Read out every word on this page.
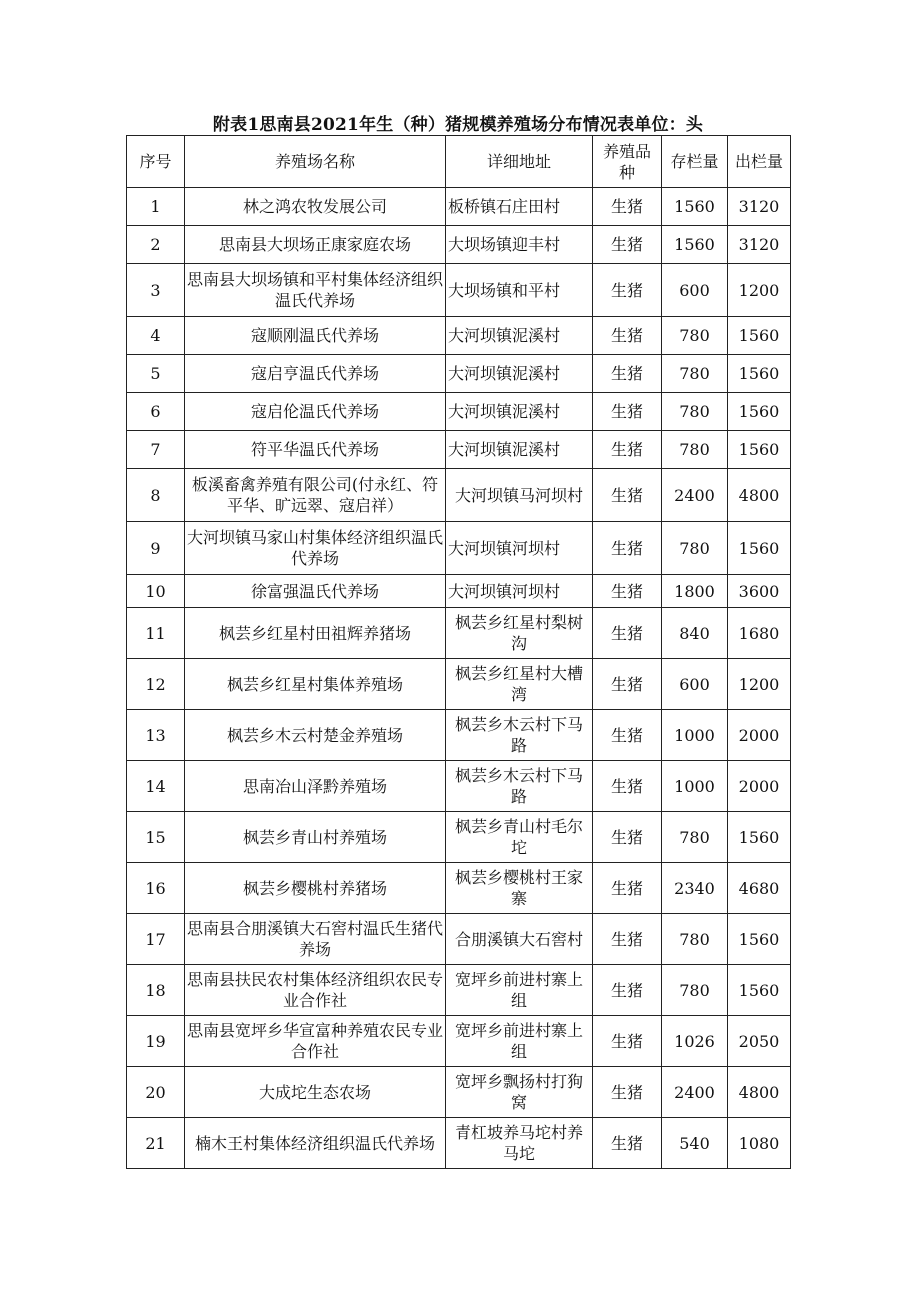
附表1思南县2021年生（种）猪规模养殖场分布情况表单位：头
序号	养殖场名称	详细地址	养殖品种	存栏量	出栏量
1	林之鸿农牧发展公司	板桥镇石庄田村	生猪	1560	3120
2	思南县大坝场正康家庭农场	大坝场镇迎丰村	生猪	1560	3120
3	思南县大坝场镇和平村集体经济组织温氏代养场	大坝场镇和平村	生猪	600	1200
4	寇顺刚温氏代养场	大河坝镇泥溪村	生猪	780	1560
5	寇启亨温氏代养场	大河坝镇泥溪村	生猪	780	1560
6	寇启伦温氏代养场	大河坝镇泥溪村	生猪	780	1560
7	符平华温氏代养场	大河坝镇泥溪村	生猪	780	1560
8	板溪畜禽养殖有限公司(付永红、符平华、旷远翠、寇启祥）	大河坝镇马河坝村	生猪	2400	4800
9	大河坝镇马家山村集体经济组织温氏代养场	大河坝镇河坝村	生猪	780	1560
10	徐富强温氏代养场	大河坝镇河坝村	生猪	1800	3600
11	枫芸乡红星村田祖辉养猪场	枫芸乡红星村梨树沟	生猪	840	1680
12	枫芸乡红星村集体养殖场	枫芸乡红星村大槽湾	生猪	600	1200
13	枫芸乡木云村楚金养殖场	枫芸乡木云村下马路	生猪	1000	2000
14	思南冶山泽黔养殖场	枫芸乡木云村下马路	生猪	1000	2000
15	枫芸乡青山村养殖场	枫芸乡青山村毛尔坨	生猪	780	1560
16	枫芸乡樱桃村养猪场	枫芸乡樱桃村王家寨	生猪	2340	4680
17	思南县合朋溪镇大石窖村温氏生猪代养场	合朋溪镇大石窖村	生猪	780	1560
18	思南县扶民农村集体经济组织农民专业合作社	宽坪乡前进村寨上组	生猪	780	1560
19	思南县宽坪乡华宣富种养殖农民专业合作社	宽坪乡前进村寨上组	生猪	1026	2050
20	大成坨生态农场	宽坪乡飘扬村打狗窝	生猪	2400	4800
21	楠木王村集体经济组织温氏代养场	青杠坡养马坨村养马坨	生猪	540	1080
